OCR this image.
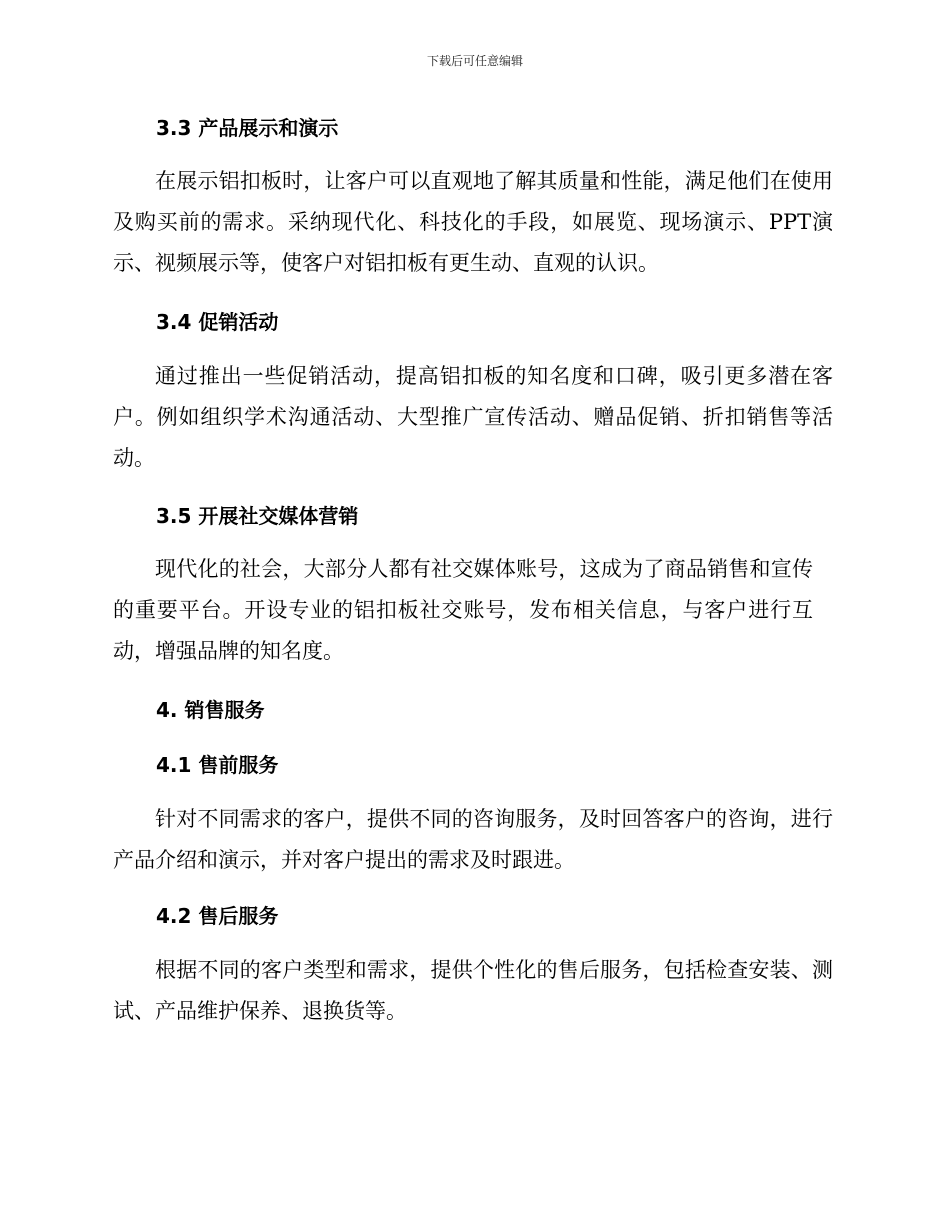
下载后可任意编辑
3.3 产品展示和演示

在展示铝扣板时，让客户可以直观地了解其质量和性能，满足他们在使用及购买前的需求。采纳现代化、科技化的手段，如展览、现场演示、PPT演示、视频展示等，使客户对铝扣板有更生动、直观的认识。

3.4 促销活动

通过推出一些促销活动，提高铝扣板的知名度和口碑，吸引更多潜在客户。例如组织学术沟通活动、大型推广宣传活动、赠品促销、折扣销售等活动。

3.5 开展社交媒体营销

现代化的社会，大部分人都有社交媒体账号，这成为了商品销售和宣传的重要平台。开设专业的铝扣板社交账号，发布相关信息，与客户进行互动，增强品牌的知名度。

4. 销售服务
4.1 售前服务

针对不同需求的客户，提供不同的咨询服务，及时回答客户的咨询，进行产品介绍和演示，并对客户提出的需求及时跟进。

4.2 售后服务

根据不同的客户类型和需求，提供个性化的售后服务，包括检查安装、测试、产品维护保养、退换货等。
